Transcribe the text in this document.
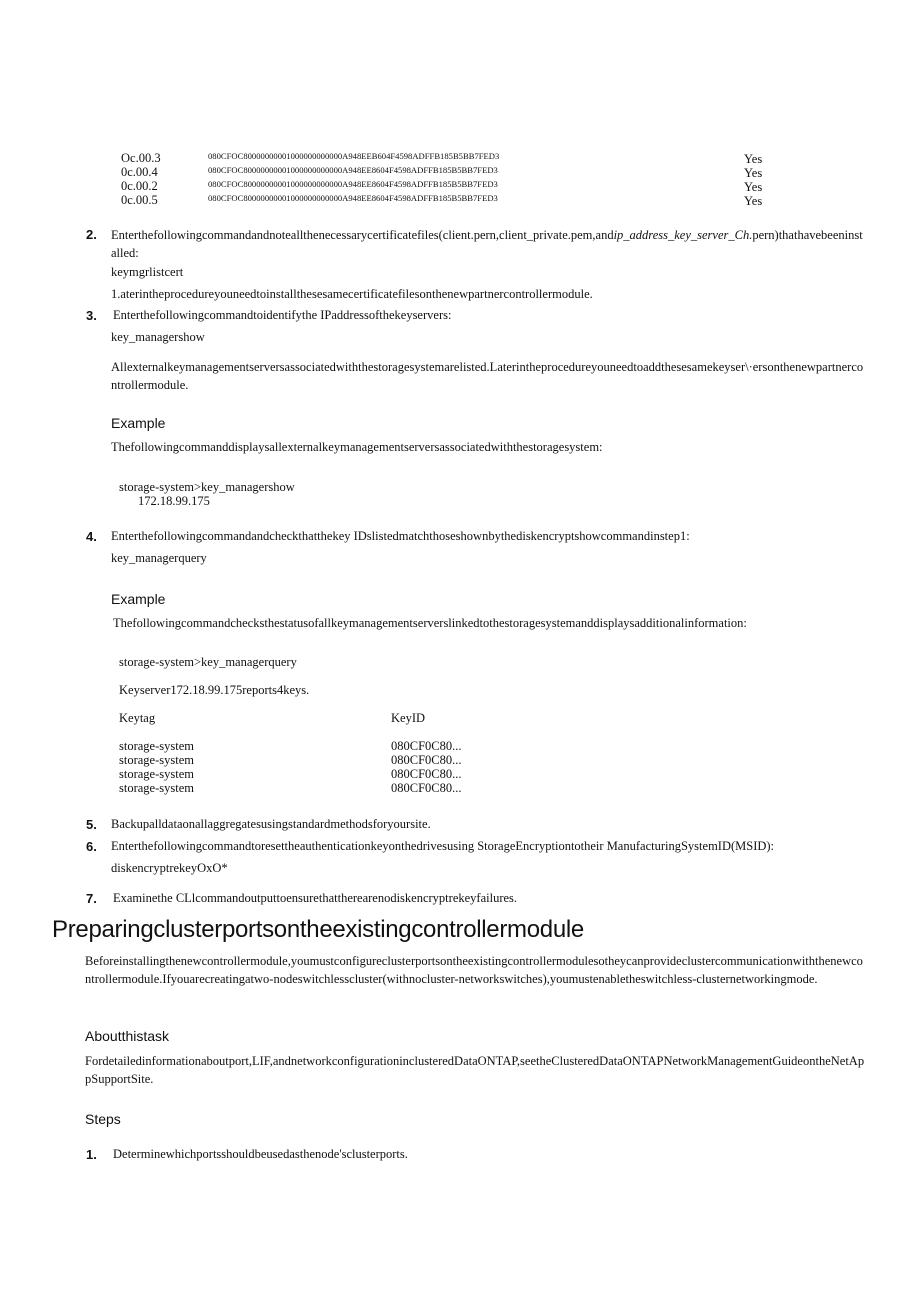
Oc.00.3	080CFOC80000000001000000000000A948EEB604F4598ADFFB185B5BB7FED3	Yes
0c.00.4	080CFOC80000000001000000000000A948EE8604F4598ADFFB185B5BB7FED3	Yes
0c.00.2	080CFOC80000000001000000000000A948EE8604F4598ADFFB185B5BB7FED3	Yes
0c.00.5	080CFOC80000000001000000000000A948EE8604F4598ADFFB185B5BB7FED3	Yes
2. Enterthefollowingcommandandnoteallthenecessarycertificatefiles(client.pern,client_private.pem,andip_address_key_server_Ch.pern)thathavebeeninstalled:
keymgrlistcert
1.aterintheprocedureyouneedtoinstallthesesamecertificatefilesonthenewpartnercontrollermodule.
3. Enterthefollowingcommandtoidentifythe IPaddressofthekeyservers:
key_managershow
Allexternalkeymanagementserversassociatedwiththestoragesystemarelisted.Laterintheprocedureyouneedtoaddthesesamekeyser\·ersonthenewpartnercontrollermodule.
Example
Thefollowingcommanddisplaysallexternalkeymanagementserversassociatedwiththestoragesystem:
storage-system>key_managershow
172.18.99.175
4. Enterthefollowingcommandandcheckthatthekey IDslistedmatchthoseshownbythediskencryptshowcommandinstep1:
key_managerquery
Example
Thefollowingcommandchecksthestatusofallkeymanagementserverslinkedtothestoragesystemanddisplaysadditionalinformation:
storage-system>key_managerquery
Keyserver172.18.99.175reports4keys.
Keytag	KeyID
storage-system	080CF0C80...
storage-system	080CF0C80...
storage-system	080CF0C80...
storage-system	080CF0C80...
5. Backupalldataonallaggregatesusingstandardmethodsforyoursite.
6. Enterthefollowingcommandtoresettheauthenticationkeyonthedrivesusing StorageEncryptiontotheir ManufacturingSystemID(MSID):
diskencryptrekeyOxO*
7. Examinethe CLlcommandoutputtoensurethattherearenodiskencryptrekeyfailures.
Preparingclusterportsontheexistingcontrollermodule
Beforeinstallingthenewcontrollermodule,youmustconfigureclusterportsontheexistingcontrollermodulesotheycanprovideclustercommunicationwiththenewcontrollermodule.Ifyouarecreatingatwo-nodeswitchlesscluster(withnocluster-networkswitches),youmustenabletheswitchless-clusternetworkingmode.
Aboutthistask
Fordetailedinformationaboutport,LIF,andnetworkconfigurationinclusteredDataONTAP,seetheClusteredDataONTAPNetworkManagementGuideontheNetAppSupportSite.
Steps
1. Determinewhichportsshouldbeusedasthenode'sclusterports.
